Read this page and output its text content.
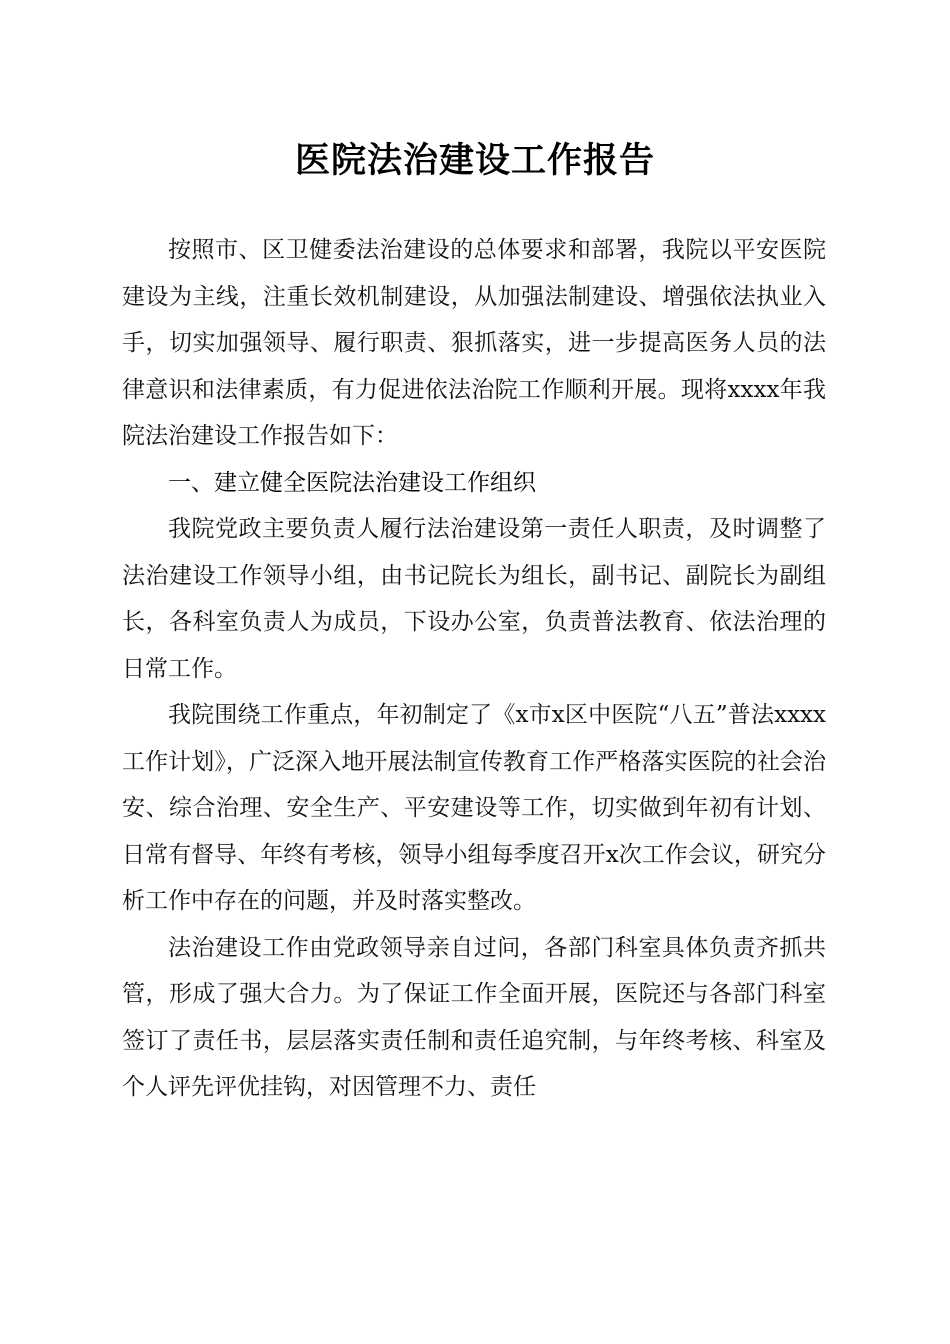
医院法治建设工作报告

按照市、区卫健委法治建设的总体要求和部署，我院以平安医院建设为主线，注重长效机制建设，从加强法制建设、增强依法执业入手，切实加强领导、履行职责、狠抓落实，进一步提高医务人员的法律意识和法律素质，有力促进依法治院工作顺利开展。现将xxxx年我院法治建设工作报告如下：

一、建立健全医院法治建设工作组织

我院党政主要负责人履行法治建设第一责任人职责，及时调整了法治建设工作领导小组，由书记院长为组长，副书记、副院长为副组长，各科室负责人为成员，下设办公室，负责普法教育、依法治理的日常工作。

我院围绕工作重点，年初制定了《x市x区中医院“八五”普法xxxx工作计划》，广泛深入地开展法制宣传教育工作严格落实医院的社会治安、综合治理、安全生产、平安建设等工作，切实做到年初有计划、日常有督导、年终有考核，领导小组每季度召开x次工作会议，研究分析工作中存在的问题，并及时落实整改。

法治建设工作由党政领导亲自过问，各部门科室具体负责齐抓共管，形成了强大合力。为了保证工作全面开展，医院还与各部门科室签订了责任书，层层落实责任制和责任追究制，与年终考核、科室及个人评先评优挂钩，对因管理不力、责任
